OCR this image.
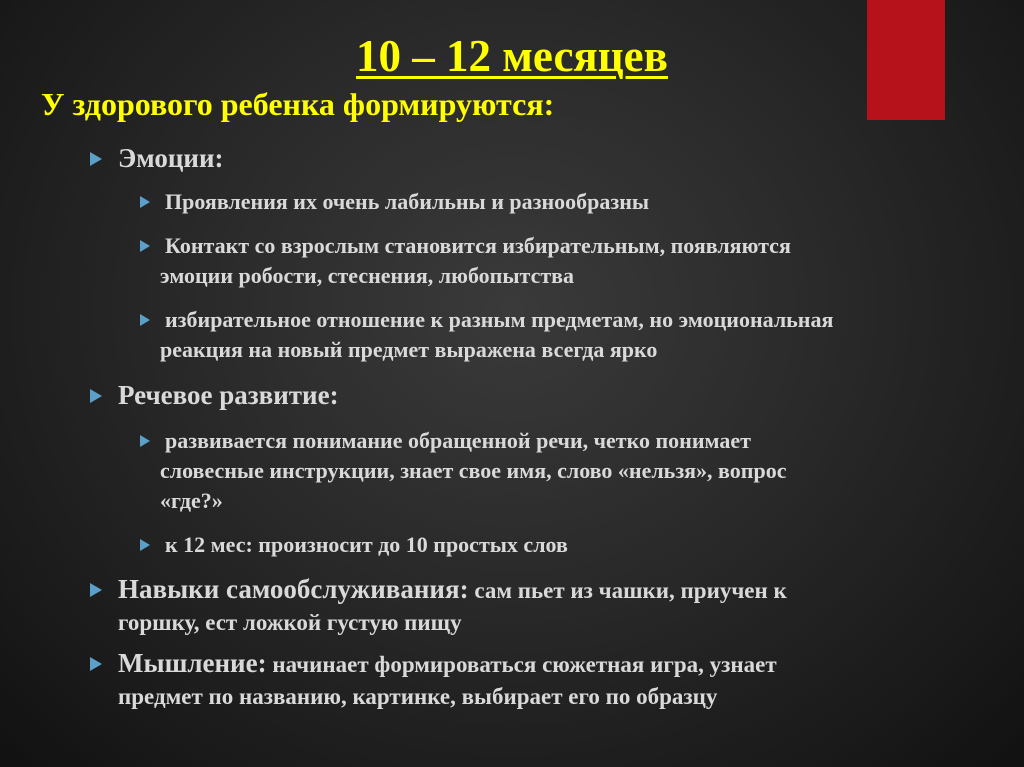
10 – 12 месяцев
У здорового ребенка формируются:
Эмоции:
Проявления их очень лабильны и разнообразны
Контакт со взрослым становится избирательным, появляются
эмоции робости, стеснения, любопытства
избирательное отношение к разным предметам, но эмоциональная
реакция на новый предмет выражена всегда ярко
Речевое развитие:
развивается понимание обращенной речи, четко понимает
словесные инструкции, знает свое имя, слово «нельзя», вопрос
«где?»
к 12 мес: произносит до 10 простых слов
Навыки самообслуживания: сам пьет из чашки, приучен к
горшку, ест ложкой густую пищу
Мышление: начинает формироваться сюжетная игра, узнает
предмет по названию, картинке, выбирает его по образцу
